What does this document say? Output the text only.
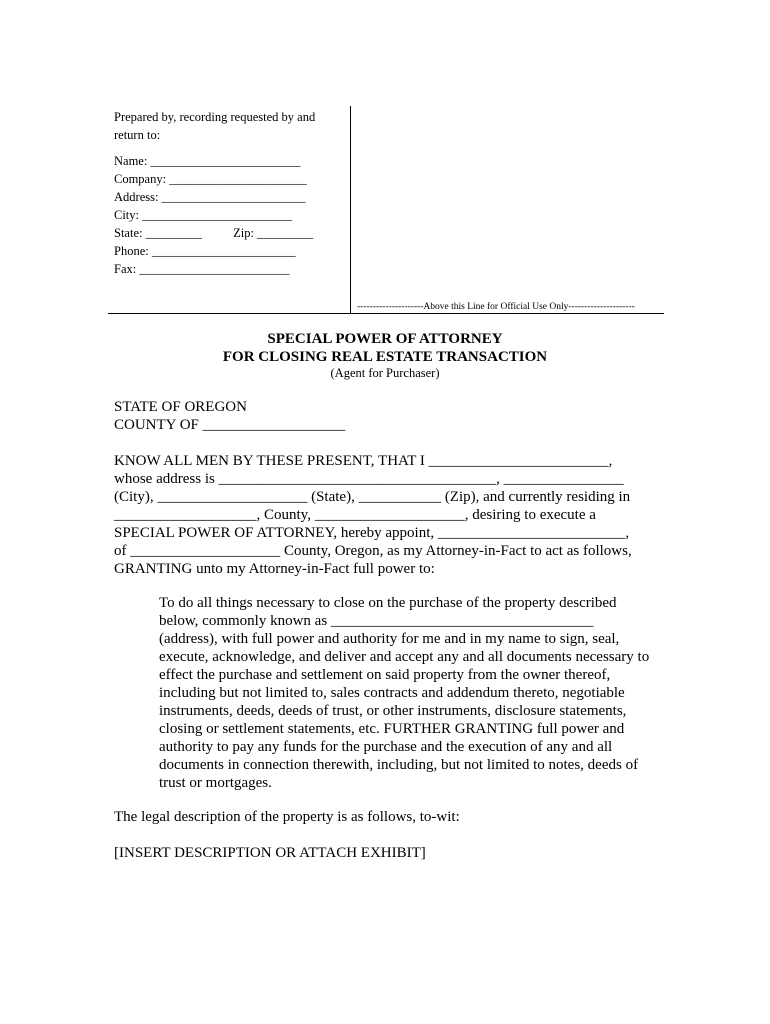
Prepared by, recording requested by and
return to:
Name: ________________________
Company: ______________________
Address: _______________________
City: ________________________
State: _________          Zip: _________
Phone: _______________________
Fax: ________________________
---------------------Above this Line for Official Use Only---------------------
SPECIAL POWER OF ATTORNEY
FOR CLOSING REAL ESTATE TRANSACTION
(Agent for Purchaser)
STATE OF OREGON
COUNTY OF ___________________
KNOW ALL MEN BY THESE PRESENT, THAT I ________________________,
whose address is _____________________________________, ________________
(City), ____________________ (State), ___________ (Zip), and currently residing in
___________________, County, ____________________, desiring to execute a
SPECIAL POWER OF ATTORNEY, hereby appoint, _________________________,
of ____________________ County, Oregon, as my Attorney-in-Fact to act as follows,
GRANTING unto my Attorney-in-Fact full power to:
To do all things necessary to close on the purchase of the property described
below, commonly known as ___________________________________
(address), with full power and authority for me and in my name to sign, seal,
execute, acknowledge, and deliver and accept any and all documents necessary to
effect the purchase and settlement on said property from the owner thereof,
including but not limited to, sales contracts and addendum thereto, negotiable
instruments, deeds, deeds of trust, or other instruments, disclosure statements,
closing or settlement statements, etc. FURTHER GRANTING full power and
authority to pay any funds for the purchase and the execution of any and all
documents in connection therewith, including, but not limited to notes, deeds of
trust or mortgages.
The legal description of the property is as follows, to-wit:
[INSERT DESCRIPTION OR ATTACH EXHIBIT]
